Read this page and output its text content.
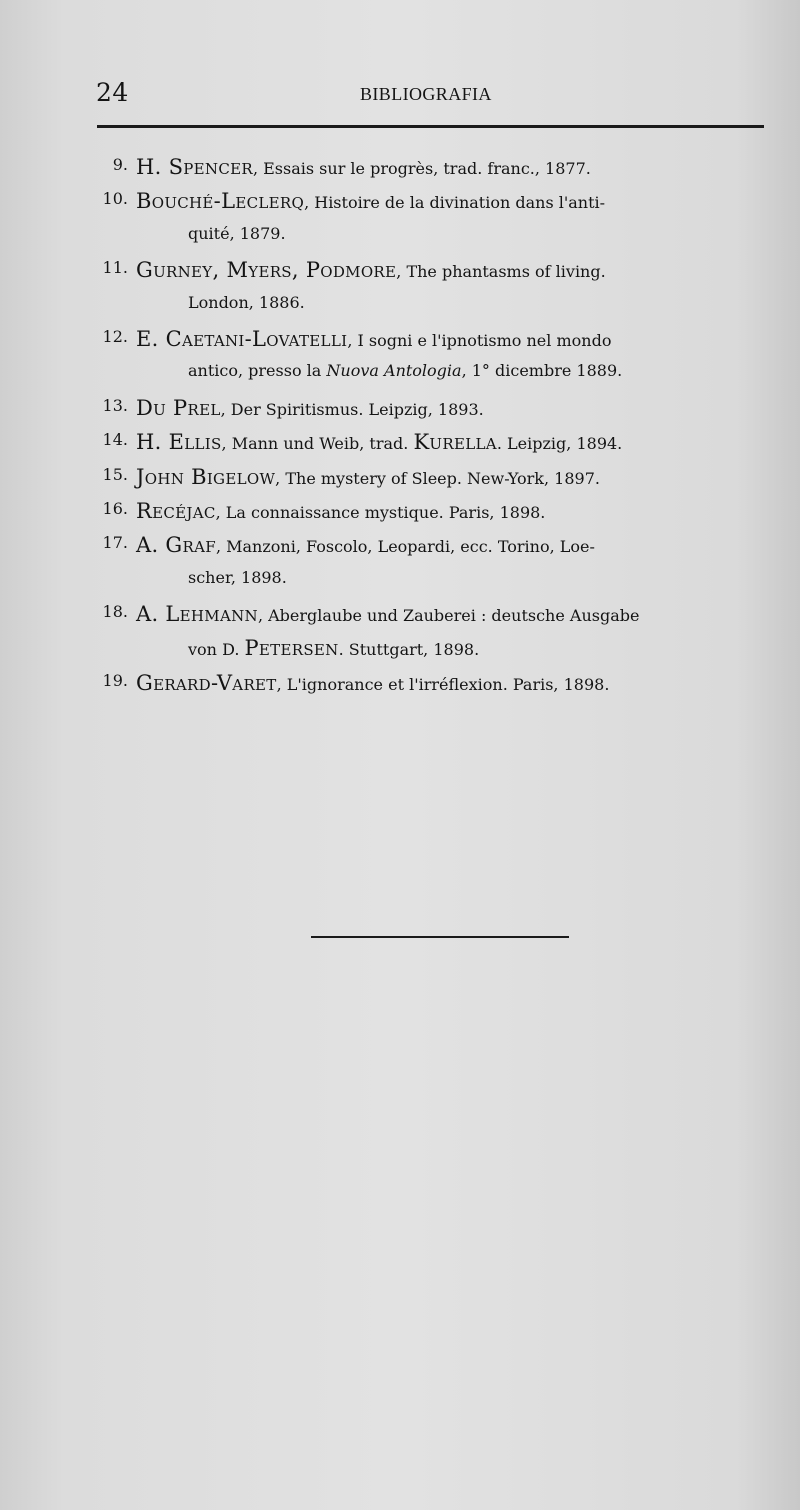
24	BIBLIOGRAFIA
9. H. Spencer, Essais sur le progrès, trad. franc., 1877.
10. Bouché-Leclerq, Histoire de la divination dans l'anti-
quité, 1879.
11. Gurney, Myers, Podmore, The phantasms of living.
London, 1886.
12. E. Caetani-Lovatelli, I sogni e l'ipnotismo nel mondo
antico, presso la Nuova Antologia, 1° dicembre 1889.
13. Du Prel, Der Spiritismus. Leipzig, 1893.
14. H. Ellis, Mann und Weib, trad. Kurella. Leipzig, 1894.
15. John Bigelow, The mystery of Sleep. New-York, 1897.
16. Recéjac, La connaissance mystique. Paris, 1898.
17. A. Graf, Manzoni, Foscolo, Leopardi, ecc. Torino, Loe-
scher, 1898.
18. A. Lehmann, Aberglaube und Zauberei : deutsche Ausgabe
von D. Petersen. Stuttgart, 1898.
19. Gerard-Varet, L'ignorance et l'irréflexion. Paris, 1898.
